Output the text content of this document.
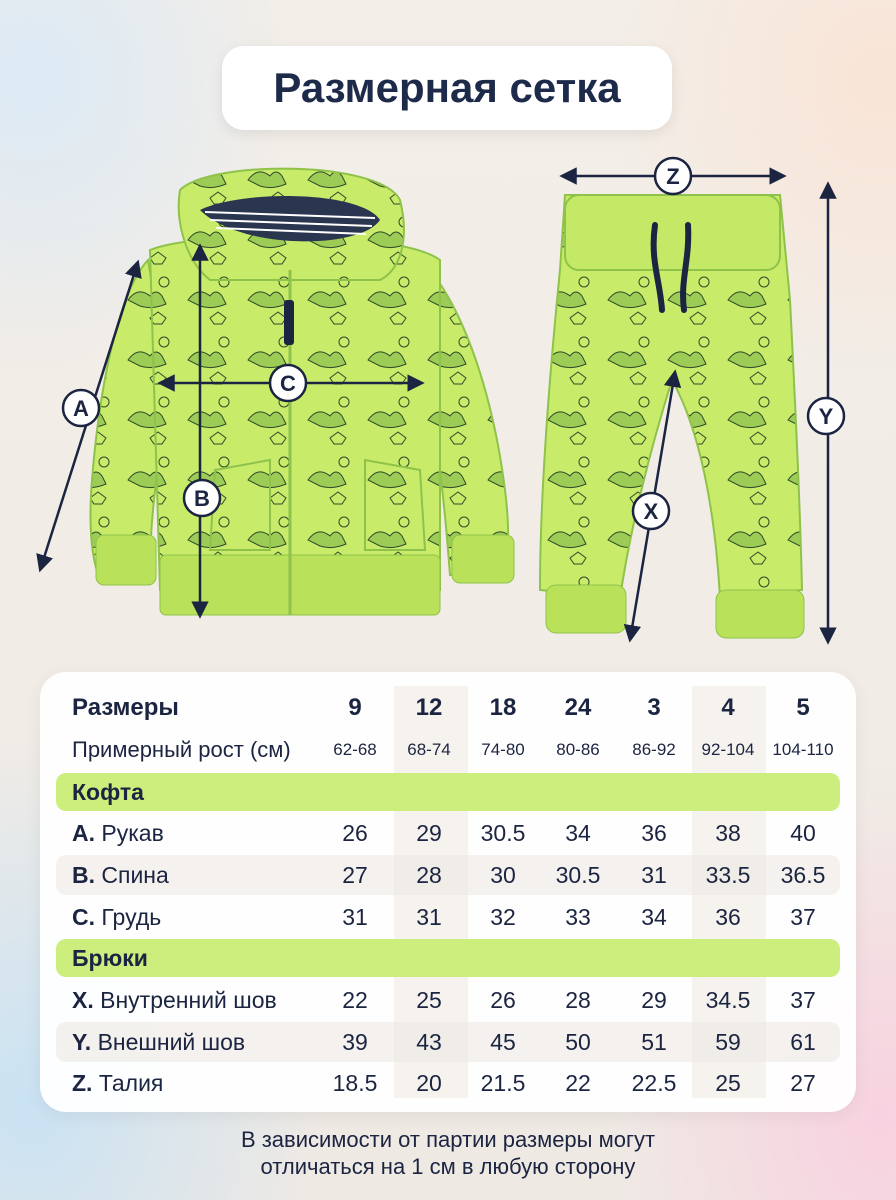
Размерная сетка
A
B
C
Z
Y
X
Размеры	9	12	18	24	3	4	5
Примерный рост (см)	62-68	68-74	74-80	80-86	86-92	92-104	104-110
Кофта
A. Рукав	26	29	30.5	34	36	38	40
B. Спина	27	28	30	30.5	31	33.5	36.5
C. Грудь	31	31	32	33	34	36	37
Брюки
X. Внутренний шов	22	25	26	28	29	34.5	37
Y. Внешний шов	39	43	45	50	51	59	61
Z. Талия	18.5	20	21.5	22	22.5	25	27
В зависимости от партии размеры могут
отличаться на 1 см в любую сторону
